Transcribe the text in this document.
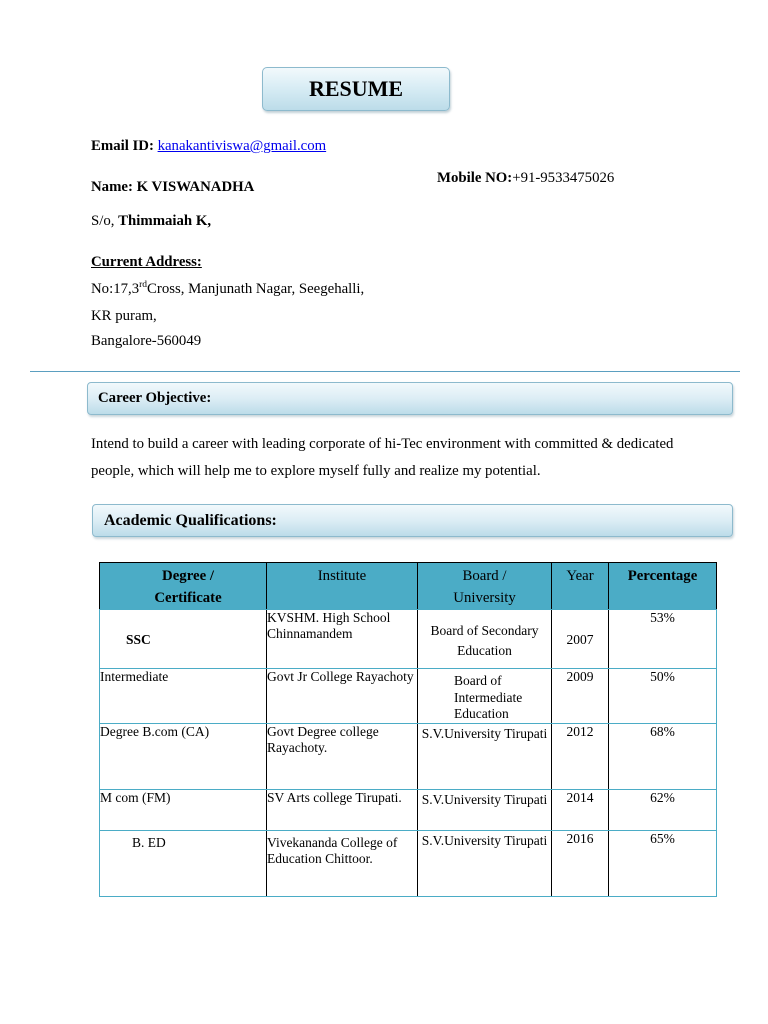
RESUME
Email ID: kanakantiviswa@gmail.com
Mobile NO:+91-9533475026
Name: K VISWANADHA
S/o, Thimmaiah K,
Current Address:
No:17,3rdCross, Manjunath Nagar, Seegehalli,
KR puram,
Bangalore-560049
Career Objective:

Intend to build a career with leading corporate of hi-Tec environment with committed & dedicated people, which will help me to explore myself fully and realize my potential.

Academic Qualifications:
Degree / Certificate	Institute	Board / University	Year	Percentage
SSC	KVSHM. High School Chinnamandem	Board of Secondary Education	2007	53%
Intermediate	Govt Jr College Rayachoty	Board of Intermediate Education	2009	50%
Degree B.com (CA)	Govt Degree college Rayachoty.	S.V.University Tirupati	2012	68%
M com (FM)	SV Arts college Tirupati.	S.V.University Tirupati	2014	62%
B. ED	Vivekananda College of Education Chittoor.	S.V.University Tirupati	2016	65%
